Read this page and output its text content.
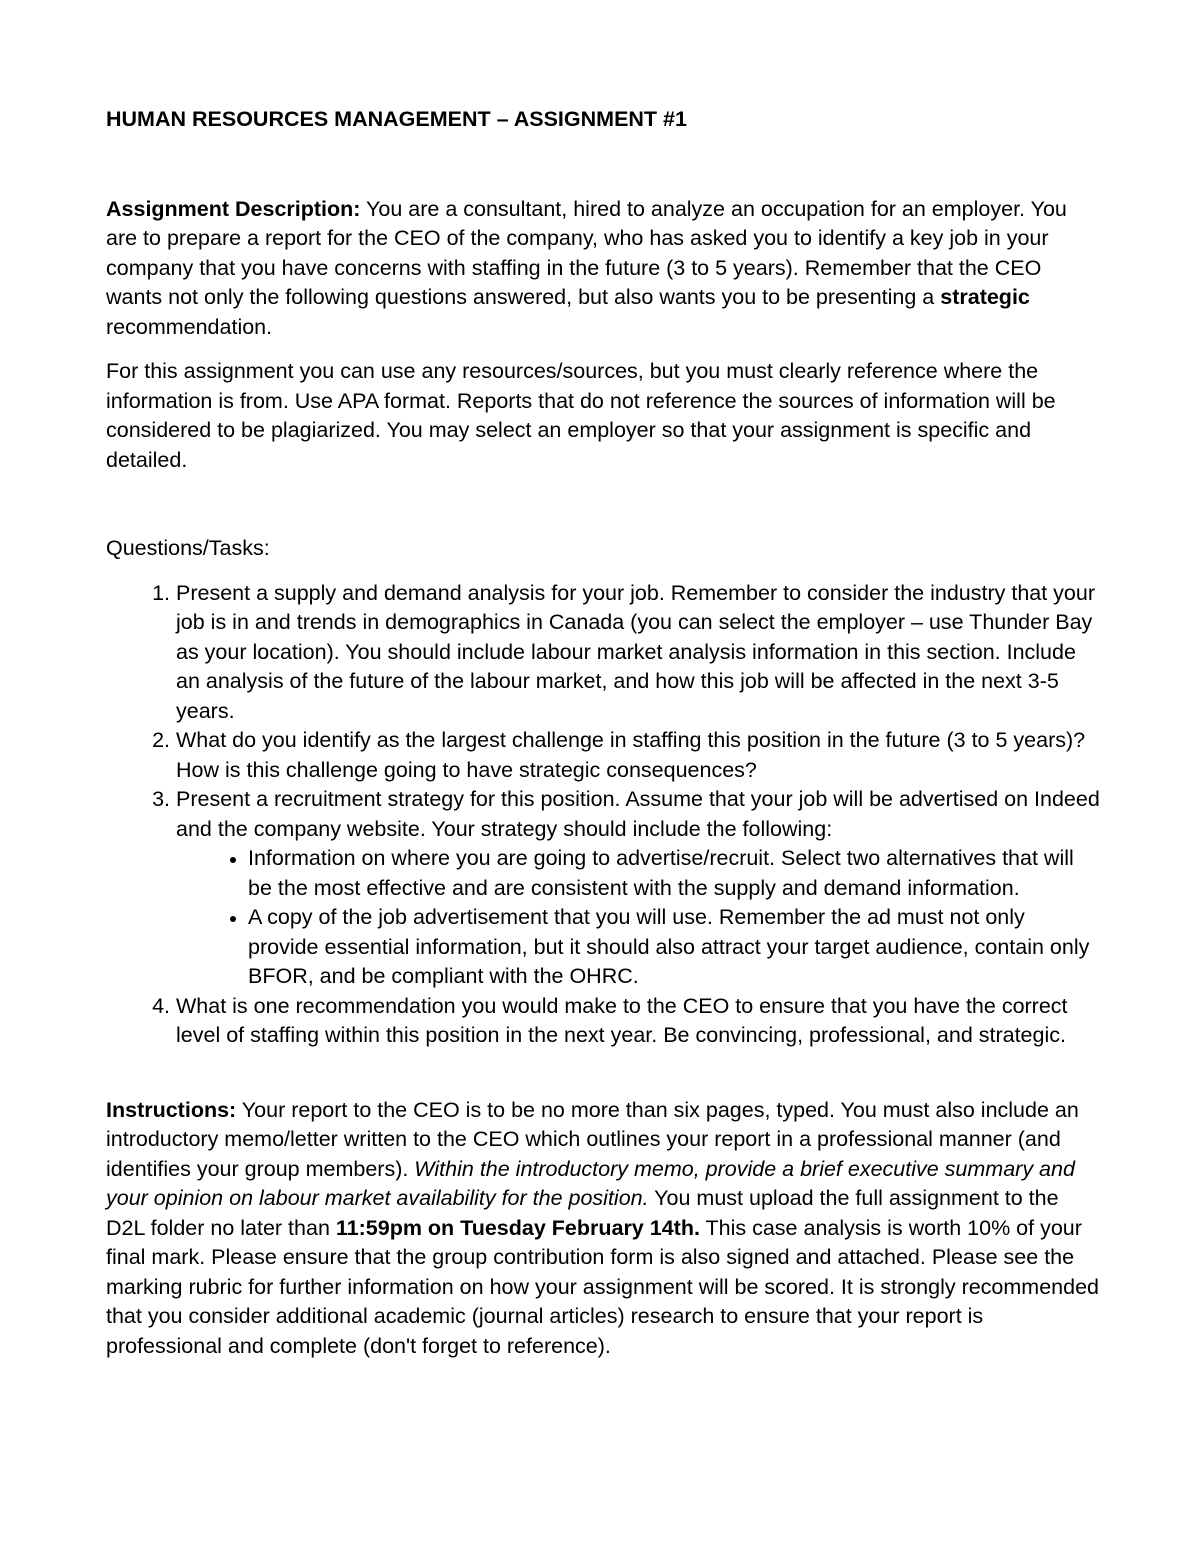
HUMAN RESOURCES MANAGEMENT – ASSIGNMENT #1

Assignment Description: You are a consultant, hired to analyze an occupation for an employer. You are to prepare a report for the CEO of the company, who has asked you to identify a key job in your company that you have concerns with staffing in the future (3 to 5 years). Remember that the CEO wants not only the following questions answered, but also wants you to be presenting a strategic recommendation.

For this assignment you can use any resources/sources, but you must clearly reference where the information is from. Use APA format. Reports that do not reference the sources of information will be considered to be plagiarized. You may select an employer so that your assignment is specific and detailed.

Questions/Tasks:

1. Present a supply and demand analysis for your job. Remember to consider the industry that your job is in and trends in demographics in Canada (you can select the employer – use Thunder Bay as your location). You should include labour market analysis information in this section. Include an analysis of the future of the labour market, and how this job will be affected in the next 3-5 years.
2. What do you identify as the largest challenge in staffing this position in the future (3 to 5 years)? How is this challenge going to have strategic consequences?
3. Present a recruitment strategy for this position. Assume that your job will be advertised on Indeed and the company website. Your strategy should include the following:
• Information on where you are going to advertise/recruit. Select two alternatives that will be the most effective and are consistent with the supply and demand information.
• A copy of the job advertisement that you will use. Remember the ad must not only provide essential information, but it should also attract your target audience, contain only BFOR, and be compliant with the OHRC.
4. What is one recommendation you would make to the CEO to ensure that you have the correct level of staffing within this position in the next year. Be convincing, professional, and strategic.

Instructions: Your report to the CEO is to be no more than six pages, typed. You must also include an introductory memo/letter written to the CEO which outlines your report in a professional manner (and identifies your group members). Within the introductory memo, provide a brief executive summary and your opinion on labour market availability for the position. You must upload the full assignment to the D2L folder no later than 11:59pm on Tuesday February 14th. This case analysis is worth 10% of your final mark. Please ensure that the group contribution form is also signed and attached. Please see the marking rubric for further information on how your assignment will be scored. It is strongly recommended that you consider additional academic (journal articles) research to ensure that your report is professional and complete (don't forget to reference).
